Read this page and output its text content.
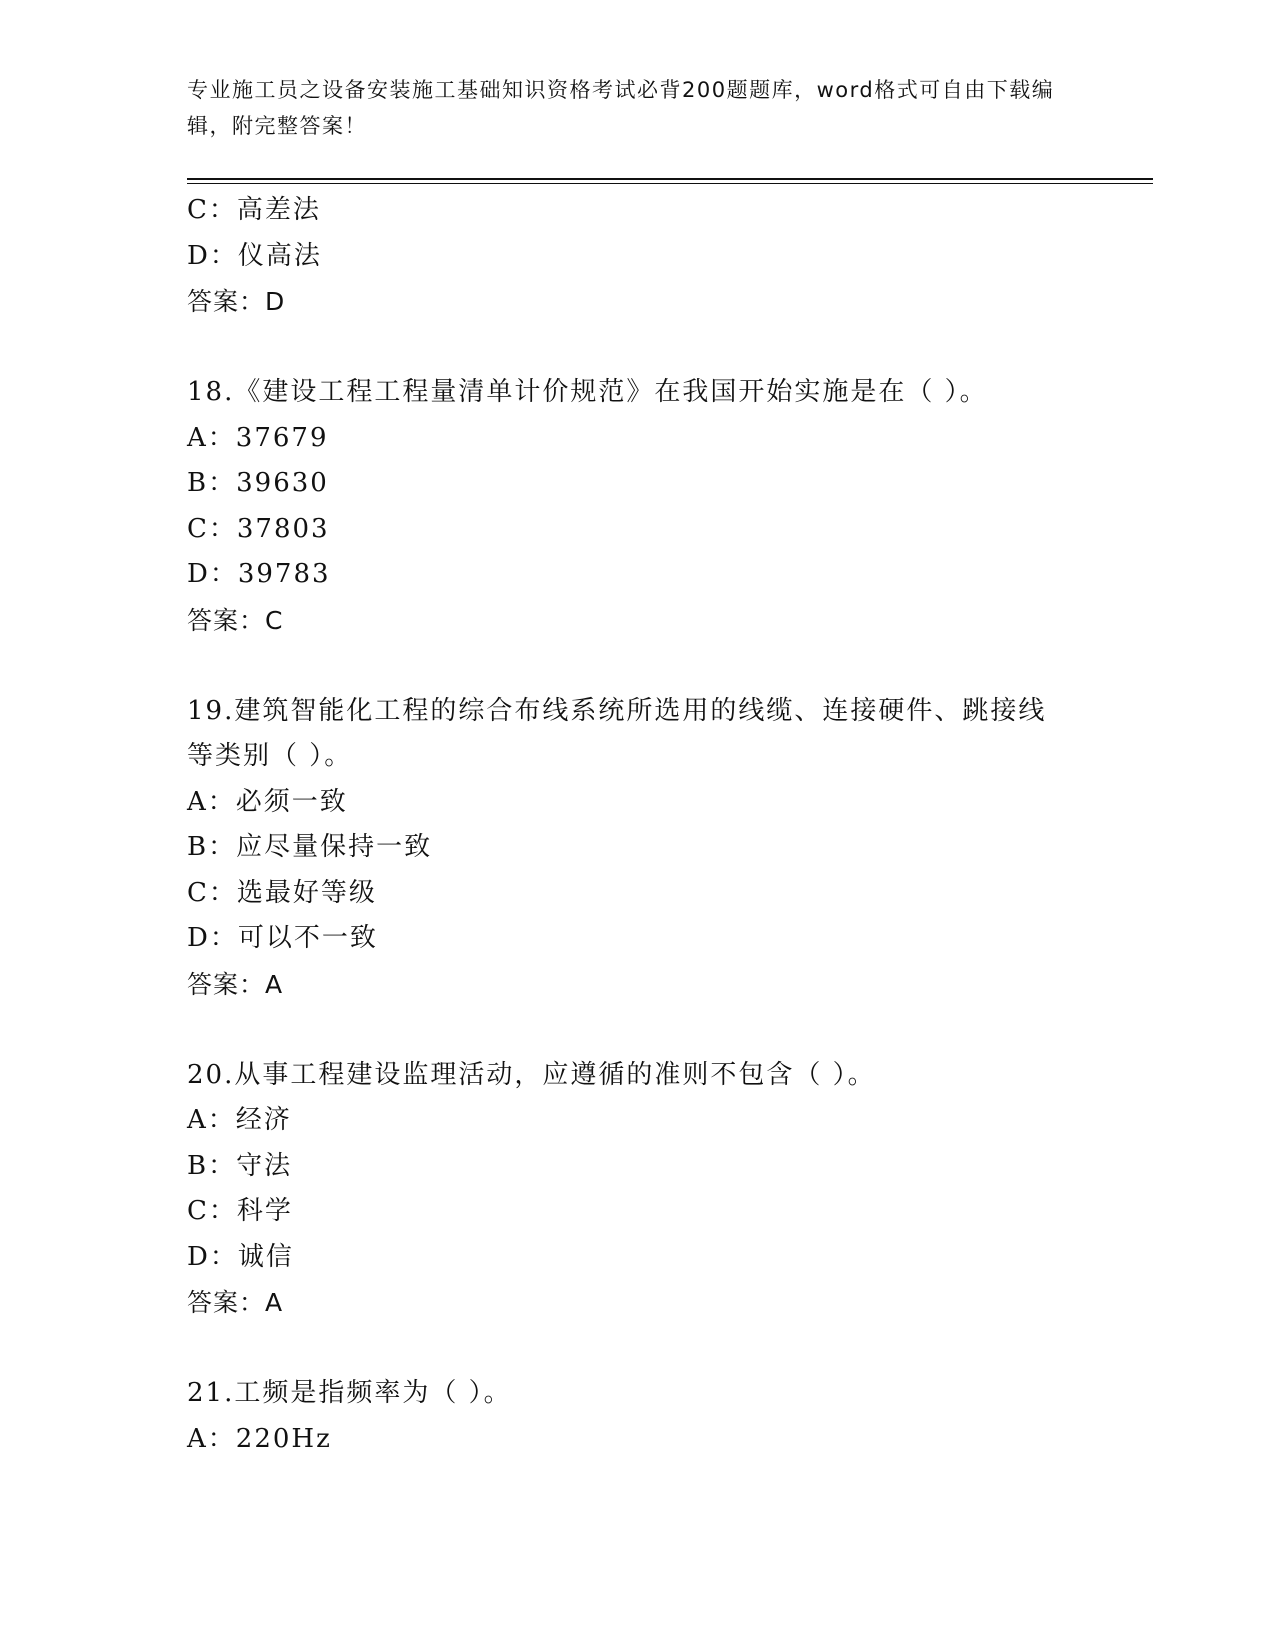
专业施工员之设备安装施工基础知识资格考试必背200题题库，word格式可自由下载编辑，附完整答案！
C：高差法
D：仪高法
答案：D
18.《建设工程工程量清单计价规范》在我国开始实施是在（ ）。
A：37679
B：39630
C：37803
D：39783
答案：C
19.建筑智能化工程的综合布线系统所选用的线缆、连接硬件、跳接线等类别（ ）。
A：必须一致
B：应尽量保持一致
C：选最好等级
D：可以不一致
答案：A
20.从事工程建设监理活动，应遵循的准则不包含（ ）。
A：经济
B：守法
C：科学
D：诚信
答案：A
21.工频是指频率为（ ）。
A：220Hz
